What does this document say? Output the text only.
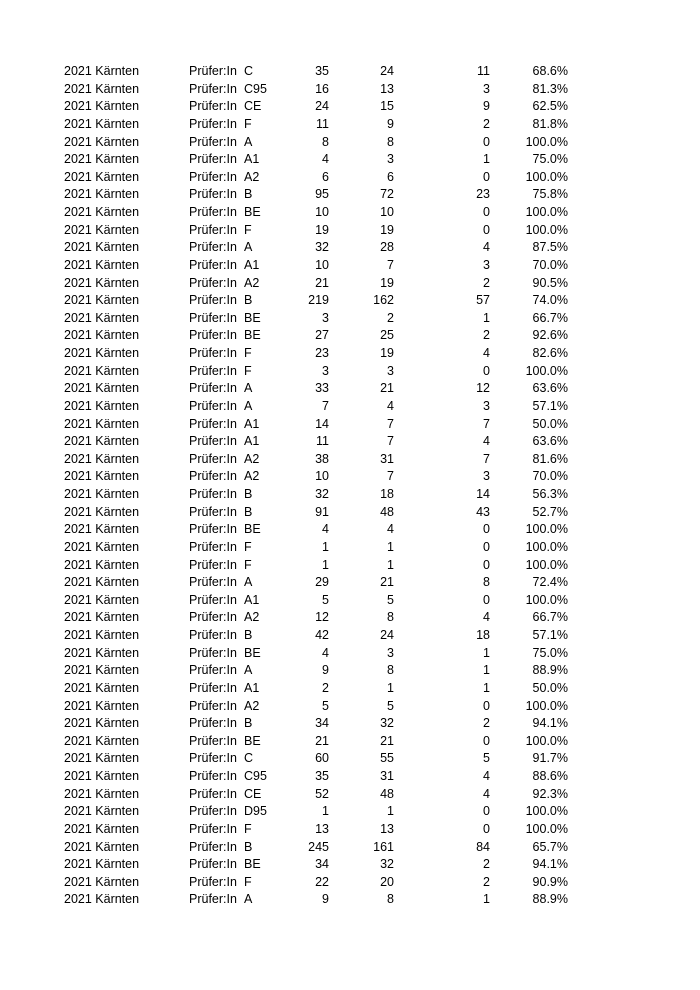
2021 Kärnten	Prüfer:In C	35	24	11	68.6%
2021 Kärnten	Prüfer:In C95	16	13	3	81.3%
2021 Kärnten	Prüfer:In CE	24	15	9	62.5%
2021 Kärnten	Prüfer:In F	11	9	2	81.8%
2021 Kärnten	Prüfer:In A	8	8	0	100.0%
2021 Kärnten	Prüfer:In A1	4	3	1	75.0%
2021 Kärnten	Prüfer:In A2	6	6	0	100.0%
2021 Kärnten	Prüfer:In B	95	72	23	75.8%
2021 Kärnten	Prüfer:In BE	10	10	0	100.0%
2021 Kärnten	Prüfer:In F	19	19	0	100.0%
2021 Kärnten	Prüfer:In A	32	28	4	87.5%
2021 Kärnten	Prüfer:In A1	10	7	3	70.0%
2021 Kärnten	Prüfer:In A2	21	19	2	90.5%
2021 Kärnten	Prüfer:In B	219	162	57	74.0%
2021 Kärnten	Prüfer:In BE	3	2	1	66.7%
2021 Kärnten	Prüfer:In BE	27	25	2	92.6%
2021 Kärnten	Prüfer:In F	23	19	4	82.6%
2021 Kärnten	Prüfer:In F	3	3	0	100.0%
2021 Kärnten	Prüfer:In A	33	21	12	63.6%
2021 Kärnten	Prüfer:In A	7	4	3	57.1%
2021 Kärnten	Prüfer:In A1	14	7	7	50.0%
2021 Kärnten	Prüfer:In A1	11	7	4	63.6%
2021 Kärnten	Prüfer:In A2	38	31	7	81.6%
2021 Kärnten	Prüfer:In A2	10	7	3	70.0%
2021 Kärnten	Prüfer:In B	32	18	14	56.3%
2021 Kärnten	Prüfer:In B	91	48	43	52.7%
2021 Kärnten	Prüfer:In BE	4	4	0	100.0%
2021 Kärnten	Prüfer:In F	1	1	0	100.0%
2021 Kärnten	Prüfer:In F	1	1	0	100.0%
2021 Kärnten	Prüfer:In A	29	21	8	72.4%
2021 Kärnten	Prüfer:In A1	5	5	0	100.0%
2021 Kärnten	Prüfer:In A2	12	8	4	66.7%
2021 Kärnten	Prüfer:In B	42	24	18	57.1%
2021 Kärnten	Prüfer:In BE	4	3	1	75.0%
2021 Kärnten	Prüfer:In A	9	8	1	88.9%
2021 Kärnten	Prüfer:In A1	2	1	1	50.0%
2021 Kärnten	Prüfer:In A2	5	5	0	100.0%
2021 Kärnten	Prüfer:In B	34	32	2	94.1%
2021 Kärnten	Prüfer:In BE	21	21	0	100.0%
2021 Kärnten	Prüfer:In C	60	55	5	91.7%
2021 Kärnten	Prüfer:In C95	35	31	4	88.6%
2021 Kärnten	Prüfer:In CE	52	48	4	92.3%
2021 Kärnten	Prüfer:In D95	1	1	0	100.0%
2021 Kärnten	Prüfer:In F	13	13	0	100.0%
2021 Kärnten	Prüfer:In B	245	161	84	65.7%
2021 Kärnten	Prüfer:In BE	34	32	2	94.1%
2021 Kärnten	Prüfer:In F	22	20	2	90.9%
2021 Kärnten	Prüfer:In A	9	8	1	88.9%
